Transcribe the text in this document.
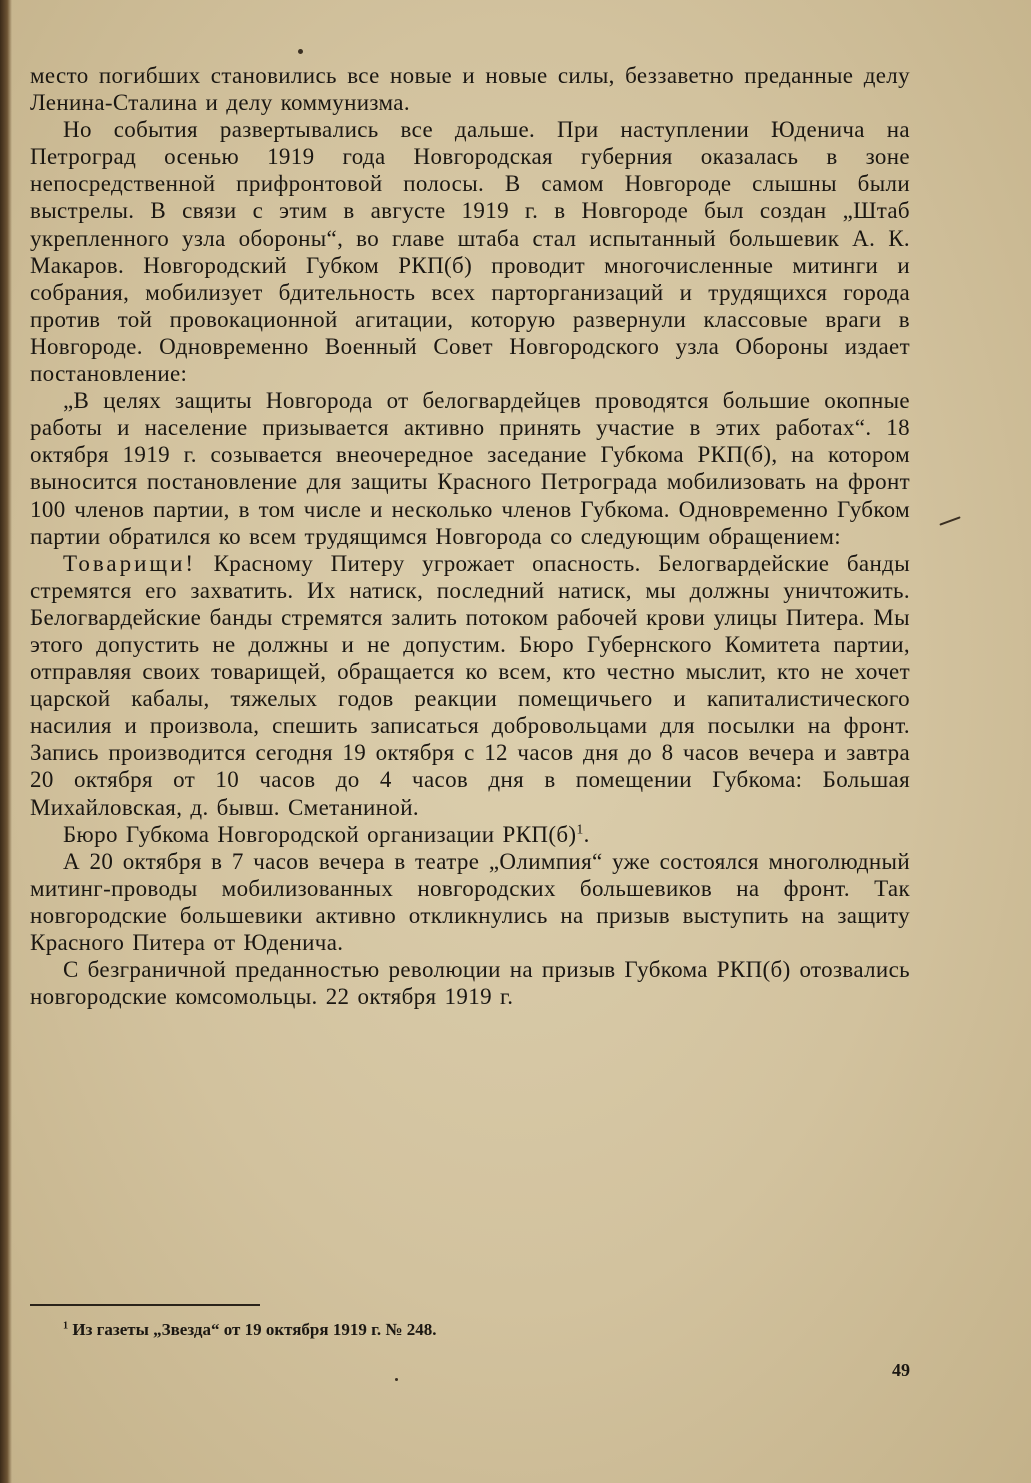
место погибших становились все новые и новые силы, беззаветно преданные делу Ленина-Сталина и делу коммунизма.

Но события развертывались все дальше. При наступлении Юденича на Петроград осенью 1919 года Новгородская губерния оказалась в зоне непосредственной прифронтовой полосы. В самом Новгороде слышны были выстрелы. В связи с этим в августе 1919 г. в Новгороде был создан „Штаб укрепленного узла обороны“, во главе штаба стал испытанный большевик А. К. Макаров. Новгородский Губком РКП(б) проводит многочисленные митинги и собрания, мобилизует бдительность всех парторганизаций и трудящихся города против той провокационной агитации, которую развернули классовые враги в Новгороде. Одновременно Военный Совет Новгородского узла Обороны издает постановление:

„В целях защиты Новгорода от белогвардейцев проводятся большие окопные работы и население призывается активно принять участие в этих работах“. 18 октября 1919 г. созывается внеочередное заседание Губкома РКП(б), на котором выносится постановление для защиты Красного Петрограда мобилизовать на фронт 100 членов партии, в том числе и несколько членов Губкома. Одновременно Губком партии обратился ко всем трудящимся Новгорода со следующим обращением:

Товарищи! Красному Питеру угрожает опасность. Белогвардейские банды стремятся его захватить. Их натиск, последний натиск, мы должны уничтожить. Белогвардейские банды стремятся залить потоком рабочей крови улицы Питера. Мы этого допустить не должны и не допустим. Бюро Губернского Комитета партии, отправляя своих товарищей, обращается ко всем, кто честно мыслит, кто не хочет царской кабалы, тяжелых годов реакции помещичьего и капиталистического насилия и произвола, спешить записаться добровольцами для посылки на фронт. Запись производится сегодня 19 октября с 12 часов дня до 8 часов вечера и завтра 20 октября от 10 часов до 4 часов дня в помещении Губкома: Большая Михайловская, д. бывш. Сметаниной.

Бюро Губкома Новгородской организации $РКП(б)^1$.

А 20 октября в 7 часов вечера в театре „Олимпия“ уже состоялся многолюдный митинг-проводы мобилизованных новгородских большевиков на фронт. Так новгородские большевики активно откликнулись на призыв выступить на защиту Красного Питера от Юденича.

С безграничной преданностью революции на призыв Губкома РКП(б) отозвались новгородские комсомольцы. 22 октября 1919 г.

$^1$ Из газеты „Звезда“ от 19 октября 1919 г. № 248.
49
